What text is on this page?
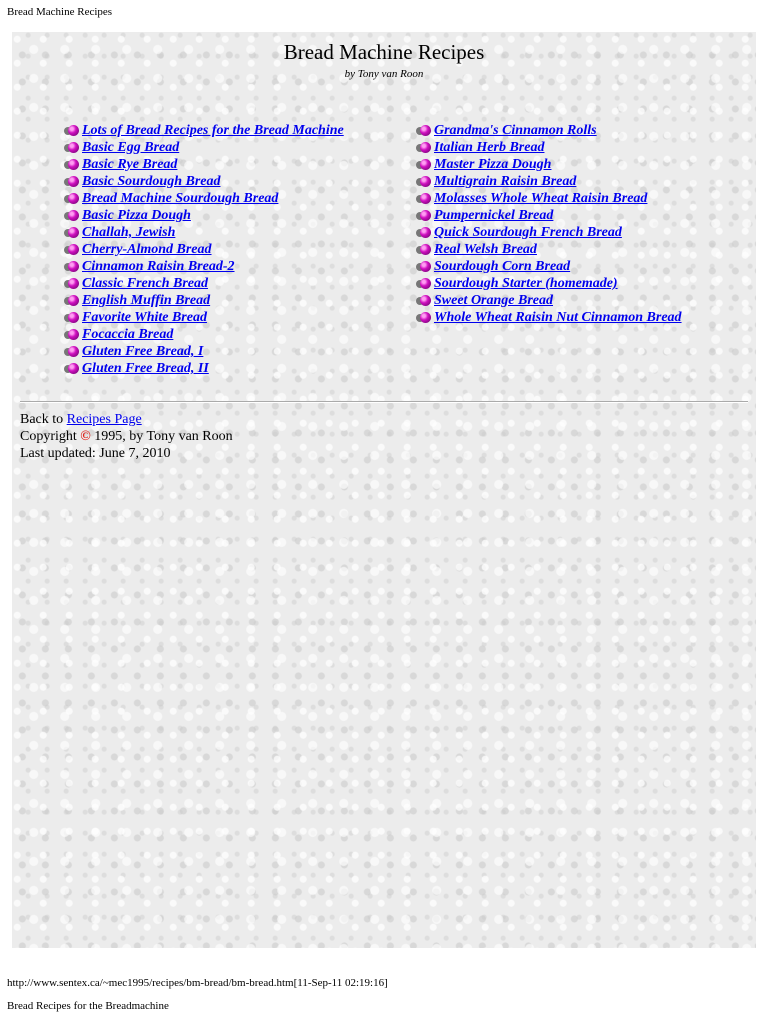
Bread Machine Recipes
Bread Machine Recipes
by Tony van Roon
Lots of Bread Recipes for the Bread Machine
Basic Egg Bread
Basic Rye Bread
Basic Sourdough Bread
Bread Machine Sourdough Bread
Basic Pizza Dough
Challah, Jewish
Cherry-Almond Bread
Cinnamon Raisin Bread-2
Classic French Bread
English Muffin Bread
Favorite White Bread
Focaccia Bread
Gluten Free Bread, I
Gluten Free Bread, II
Grandma's Cinnamon Rolls
Italian Herb Bread
Master Pizza Dough
Multigrain Raisin Bread
Molasses Whole Wheat Raisin Bread
Pumpernickel Bread
Quick Sourdough French Bread
Real Welsh Bread
Sourdough Corn Bread
Sourdough Starter (homemade)
Sweet Orange Bread
Whole Wheat Raisin Nut Cinnamon Bread
Back to Recipes Page
Copyright © 1995, by Tony van Roon
Last updated: June 7, 2010
http://www.sentex.ca/~mec1995/recipes/bm-bread/bm-bread.htm[11-Sep-11 02:19:16]
Bread Recipes for the Breadmachine
